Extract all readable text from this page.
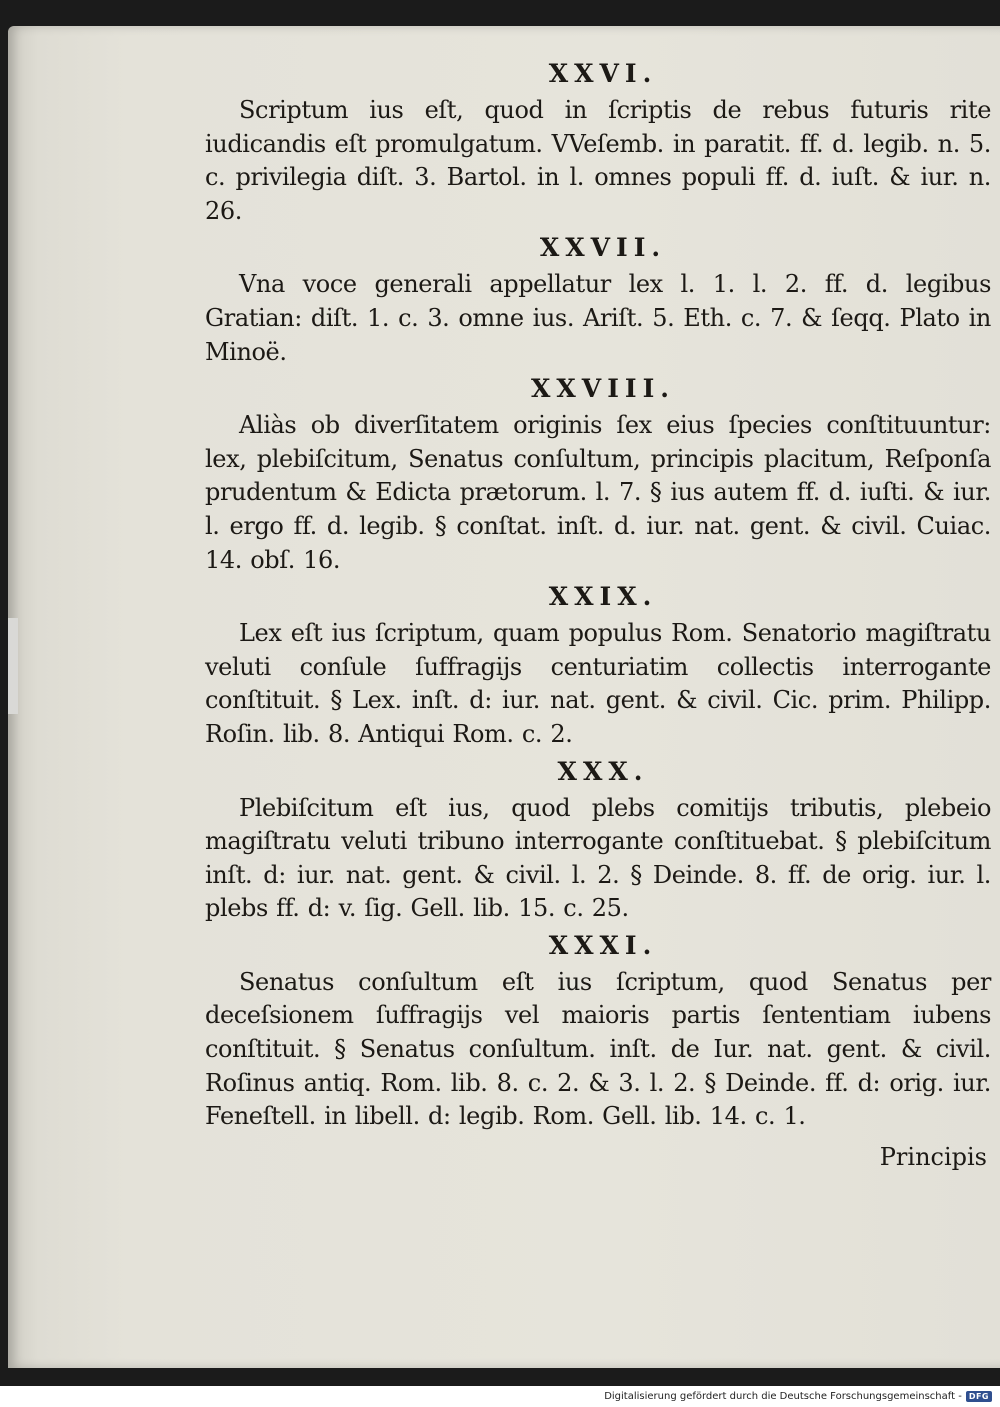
XXVI.
Scriptum ius eſt, quod in ſcriptis de rebus futuris rite iudicandis eſt promulgatum. VVeſemb. in paratit. ff. d. legib. n. 5. c. privilegia diſt. 3. Bartol. in l. omnes populi ff. d. iuſt. & iur. n. 26.
XXVII.
Vna voce generali appellatur lex l. 1. l. 2. ff. d. legibus Gratian: diſt. 1. c. 3. omne ius. Ariſt. 5. Eth. c. 7. & ſeqq. Plato in Minoë.
XXVIII.
Aliàs ob diverſitatem originis ſex eius ſpecies conſtituuntur: lex, plebiſcitum, Senatus conſultum, principis placitum, Reſponſa prudentum & Edicta prætorum. l. 7. § ius autem ff. d. iuſti. & iur. l. ergo ff. d. legib. § conſtat. inſt. d. iur. nat. gent. & civil. Cuiac. 14. obſ. 16.
XXIX.
Lex eſt ius ſcriptum, quam populus Rom. Senatorio magiſtratu veluti conſule ſuffragijs centuriatim collectis interrogante conſtituit. § Lex. inſt. d: iur. nat. gent. & civil. Cic. prim. Philipp. Roſin. lib. 8. Antiqui Rom. c. 2.
XXX.
Plebiſcitum eſt ius, quod plebs comitijs tributis, plebeio magiſtratu veluti tribuno interrogante conſtituebat. § plebiſcitum inſt. d: iur. nat. gent. & civil. l. 2. § Deinde. 8. ff. de orig. iur. l. plebs ff. d: v. ſig. Gell. lib. 15. c. 25.
XXXI.
Senatus conſultum eſt ius ſcriptum, quod Senatus per deceſsionem ſuffragijs vel maioris partis ſententiam iubens conſtituit. § Senatus conſultum. inſt. de Iur. nat. gent. & civil. Roſinus antiq. Rom. lib. 8. c. 2. & 3. l. 2. § Deinde. ff. d: orig. iur. Feneſtell. in libell. d: legib. Rom. Gell. lib. 14. c. 1.
Principis
Digitalisierung gefördert durch die Deutsche Forschungsgemeinschaft - DFG
